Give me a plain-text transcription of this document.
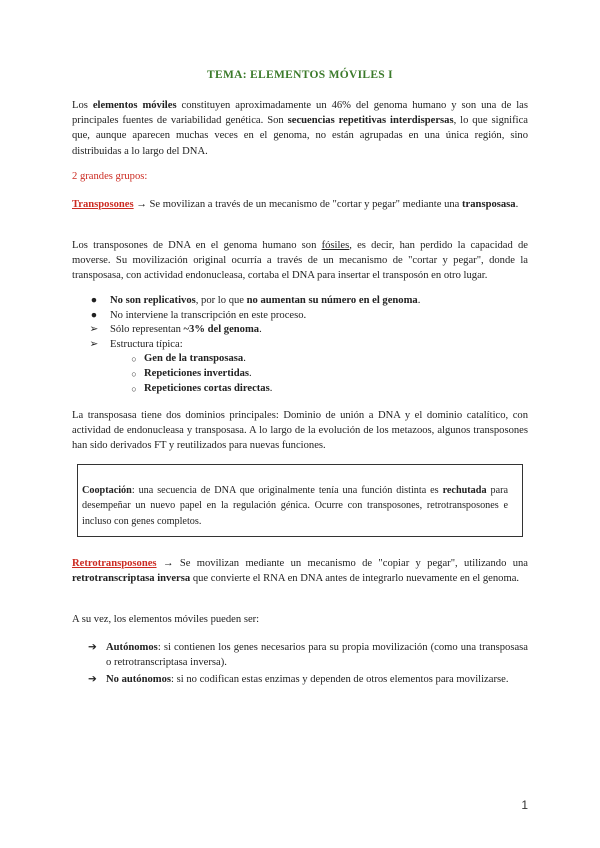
TEMA: ELEMENTOS MÓVILES I
Los elementos móviles constituyen aproximadamente un 46% del genoma humano y son una de las principales fuentes de variabilidad genética. Son secuencias repetitivas interdispersas, lo que significa que, aunque aparecen muchas veces en el genoma, no están agrupadas en una única región, sino distribuidas a lo largo del DNA.
2 grandes grupos:
Transposones → Se movilizan a través de un mecanismo de "cortar y pegar" mediante una transposasa.
Los transposones de DNA en el genoma humano son fósiles, es decir, han perdido la capacidad de moverse. Su movilización original ocurría a través de un mecanismo de "cortar y pegar", donde la transposasa, con actividad endonucleasa, cortaba el DNA para insertar el transposón en otro lugar.
●	No son replicativos, por lo que no aumentan su número en el genoma.
●	No interviene la transcripción en este proceso.
➢	Sólo representan ~3% del genoma.
➢	Estructura típica:
○ Gen de la transposasa.
○ Repeticiones invertidas.
○ Repeticiones cortas directas.
La transposasa tiene dos dominios principales: Dominio de unión a DNA y el dominio catalítico, con actividad de endonucleasa y transposasa. A lo largo de la evolución de los metazoos, algunos transposones han sido derivados FT y reutilizados para nuevas funciones.
Cooptación: una secuencia de DNA que originalmente tenía una función distinta es rechutada para desempeñar un nuevo papel en la regulación génica. Ocurre con transposones, retrotransposones e incluso con genes completos.
Retrotransposones → Se movilizan mediante un mecanismo de "copiar y pegar", utilizando una retrotranscriptasa inversa que convierte el RNA en DNA antes de integrarlo nuevamente en el genoma.
A su vez, los elementos móviles pueden ser:
➔ Autónomos: si contienen los genes necesarios para su propia movilización (como una transposasa o retrotranscriptasa inversa).
➔ No autónomos: si no codifican estas enzimas y dependen de otros elementos para movilizarse.
1
